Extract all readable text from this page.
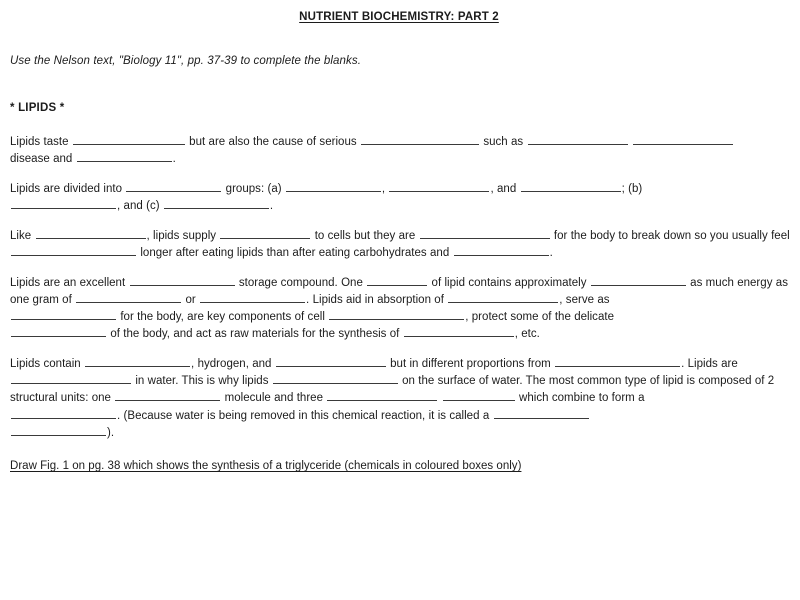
NUTRIENT BIOCHEMISTRY: PART 2
Use the Nelson text, "Biology 11", pp. 37-39 to complete the blanks.
* LIPIDS *

Lipids taste	but are also the cause of serious	such as
disease and	.

Lipids are divided into	groups: (a)	,	, and	; (b)
, and (c)	.

Like	, lipids supply	to cells but they are	for the body to break down so you usually feel  longer after eating lipids than after eating carbohydrates and	.

Lipids are an excellent	storage compound. One	of lipid contains approximately	as much energy as one gram of	or	. Lipids aid in absorption of	, serve as
for the body, are key components of cell	, protect some of the delicate
of the body, and act as raw materials for the synthesis of	, etc.

Lipids contain	, hydrogen, and	but in different proportions from	. Lipids are  in water. This is why lipids	on the surface of water. The most common type of lipid is composed of 2 structural units: one	molecule and three	which combine to form a
. (Because water is being removed in this chemical reaction, it is called a
).

Draw Fig. 1 on pg. 38 which shows the synthesis of a triglyceride (chemicals in coloured boxes only)
